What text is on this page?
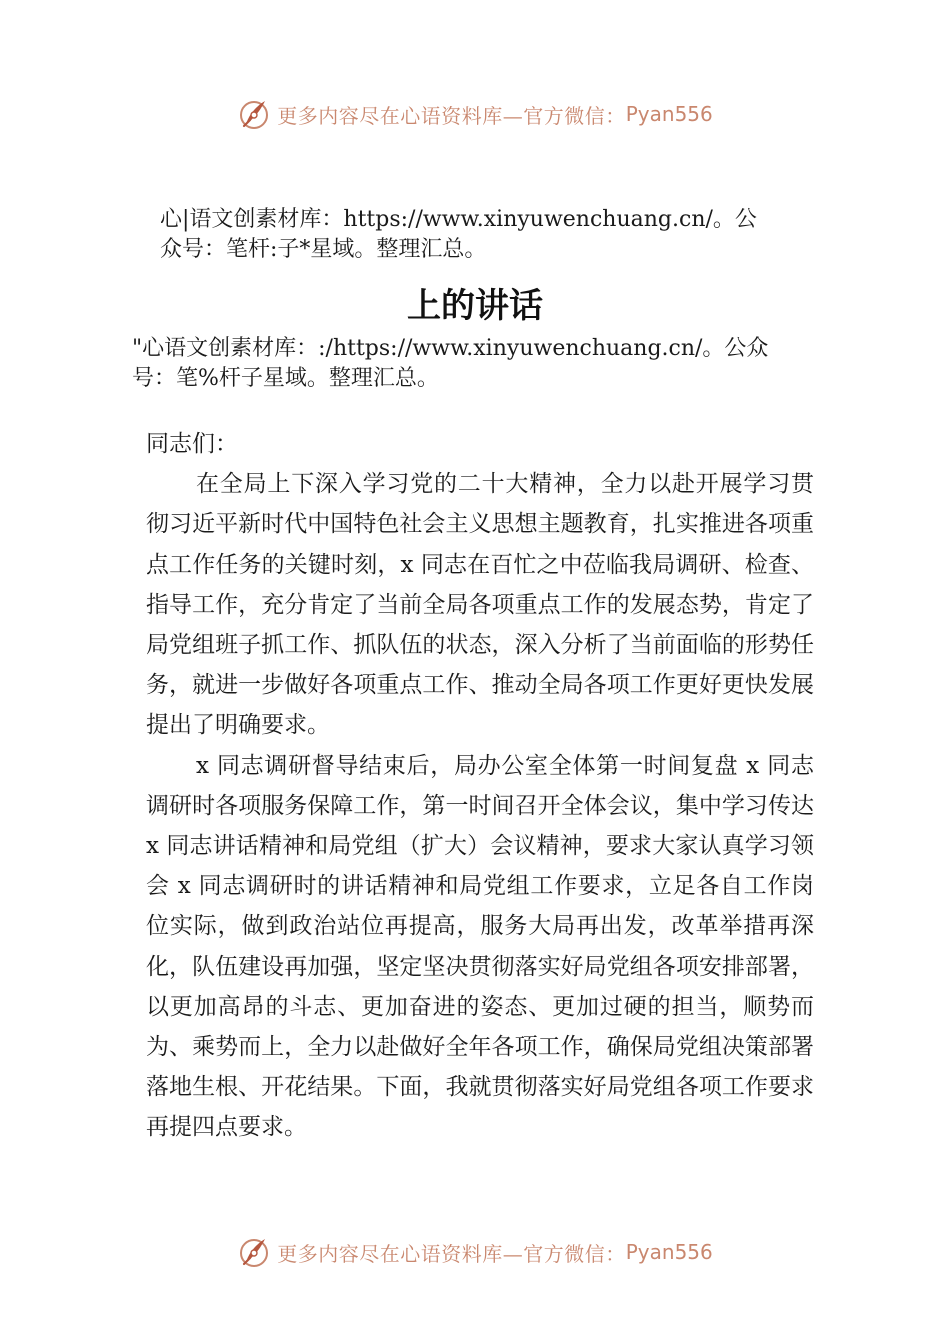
更多内容尽在心语资料库—官方微信： Pyan556
心|语文创素材库：https://www.xinyuwenchuang.cn/。公
众号：笔杆:子*星域。整理汇总。
上的讲话
"心语文创素材库：:/https://www.xinyuwenchuang.cn/。公众
号：笔%杆子星域。整理汇总。

同志们：

在全局上下深入学习党的二十大精神，全力以赴开展学习贯彻习近平新时代中国特色社会主义思想主题教育，扎实推进各项重点工作任务的关键时刻，x 同志在百忙之中莅临我局调研、检查、指导工作，充分肯定了当前全局各项重点工作的发展态势，肯定了局党组班子抓工作、抓队伍的状态，深入分析了当前面临的形势任务，就进一步做好各项重点工作、推动全局各项工作更好更快发展提出了明确要求。

x 同志调研督导结束后，局办公室全体第一时间复盘 x 同志调研时各项服务保障工作，第一时间召开全体会议，集中学习传达 x 同志讲话精神和局党组（扩大）会议精神，要求大家认真学习领会 x 同志调研时的讲话精神和局党组工作要求，立足各自工作岗位实际，做到政治站位再提高，服务大局再出发，改革举措再深化，队伍建设再加强，坚定坚决贯彻落实好局党组各项安排部署，以更加高昂的斗志、更加奋进的姿态、更加过硬的担当，顺势而为、乘势而上，全力以赴做好全年各项工作，确保局党组决策部署落地生根、开花结果。下面，我就贯彻落实好局党组各项工作要求再提四点要求。

更多内容尽在心语资料库—官方微信： Pyan556
